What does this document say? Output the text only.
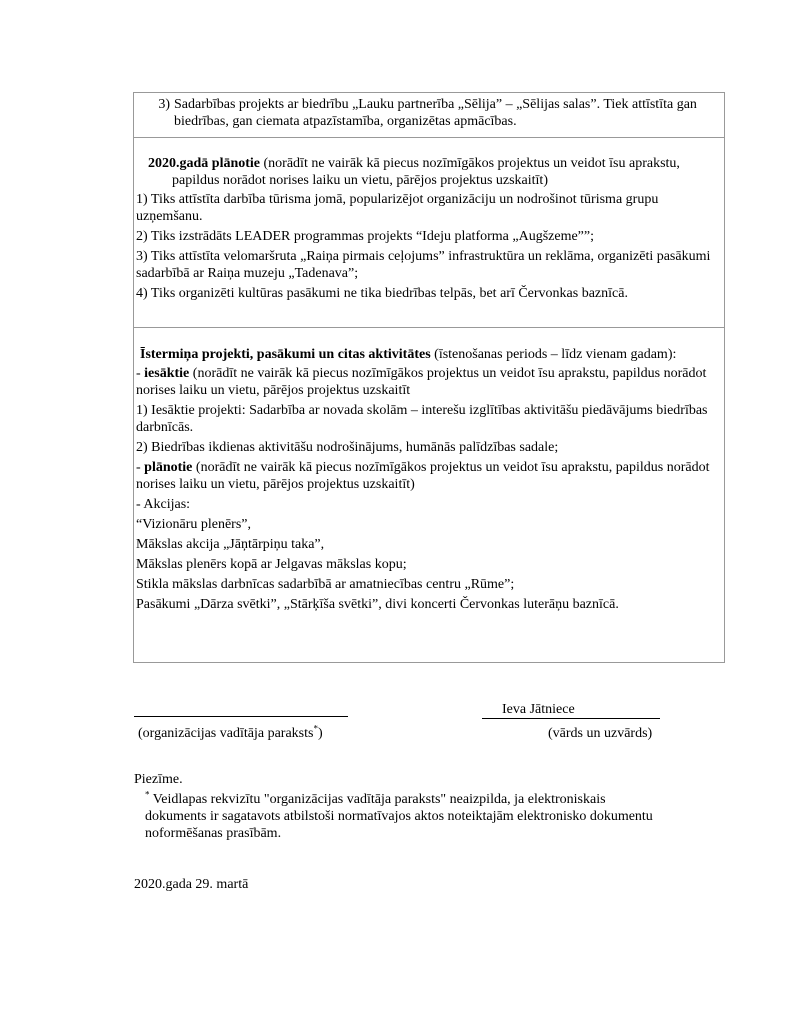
3) Sadarbības projekts ar biedrību „Lauku partnerība „Sēlija” – „Sēlijas salas”. Tiek attīstīta gan biedrības, gan ciemata atpazīstamība, organizētas apmācības.

2020.gadā plānotie (norādīt ne vairāk kā piecus nozīmīgākos projektus un veidot īsu aprakstu, papildus norādot norises laiku un vietu, pārējos projektus uzskaitīt)

1) Tiks attīstīta darbība tūrisma jomā, popularizējot organizāciju un nodrošinot tūrisma grupu uzņemšanu.

2) Tiks izstrādāts LEADER programmas projekts “Ideju platforma „Augšzeme””;

3) Tiks attīstīta velomaršruta „Raiņa pirmais ceļojums” infrastruktūra un reklāma, organizēti pasākumi sadarbībā ar Raiņa muzeju „Tadenava”;

4) Tiks organizēti kultūras pasākumi ne tika biedrības telpās, bet arī Červonkas baznīcā.

Īstermiņa projekti, pasākumi un citas aktivitātes (īstenošanas periods – līdz vienam gadam):

- iesāktie (norādīt ne vairāk kā piecus nozīmīgākos projektus un veidot īsu aprakstu, papildus norādot norises laiku un vietu, pārējos projektus uzskaitīt

1) Iesāktie projekti: Sadarbība ar novada skolām – interešu izglītības aktivitāšu piedāvājums biedrības darbnīcās.

2) Biedrības ikdienas aktivitāšu nodrošinājums, humānās palīdzības sadale;

- plānotie (norādīt ne vairāk kā piecus nozīmīgākos projektus un veidot īsu aprakstu, papildus norādot norises laiku un vietu, pārējos projektus uzskaitīt)

- Akcijas:

“Vizionāru plenērs”,

Mākslas akcija „Jāņtārpiņu taka”,

Mākslas plenērs kopā ar Jelgavas mākslas kopu;

Stikla mākslas darbnīcas sadarbībā ar amatniecības centru „Rūme”;

Pasākumi „Dārza svētki”, „Stārķīša svētki”, divi koncerti Červonkas luterāņu baznīcā.

Ieva Jātniece
(organizācijas vadītāja paraksts*)	(vārds un uzvārds)
Piezīme.
* Veidlapas rekvizītu "organizācijas vadītāja paraksts" neaizpilda, ja elektroniskais dokuments ir sagatavots atbilstoši normatīvajos aktos noteiktajām elektronisko dokumentu noformēšanas prasībām.
2020.gada 29. martā
